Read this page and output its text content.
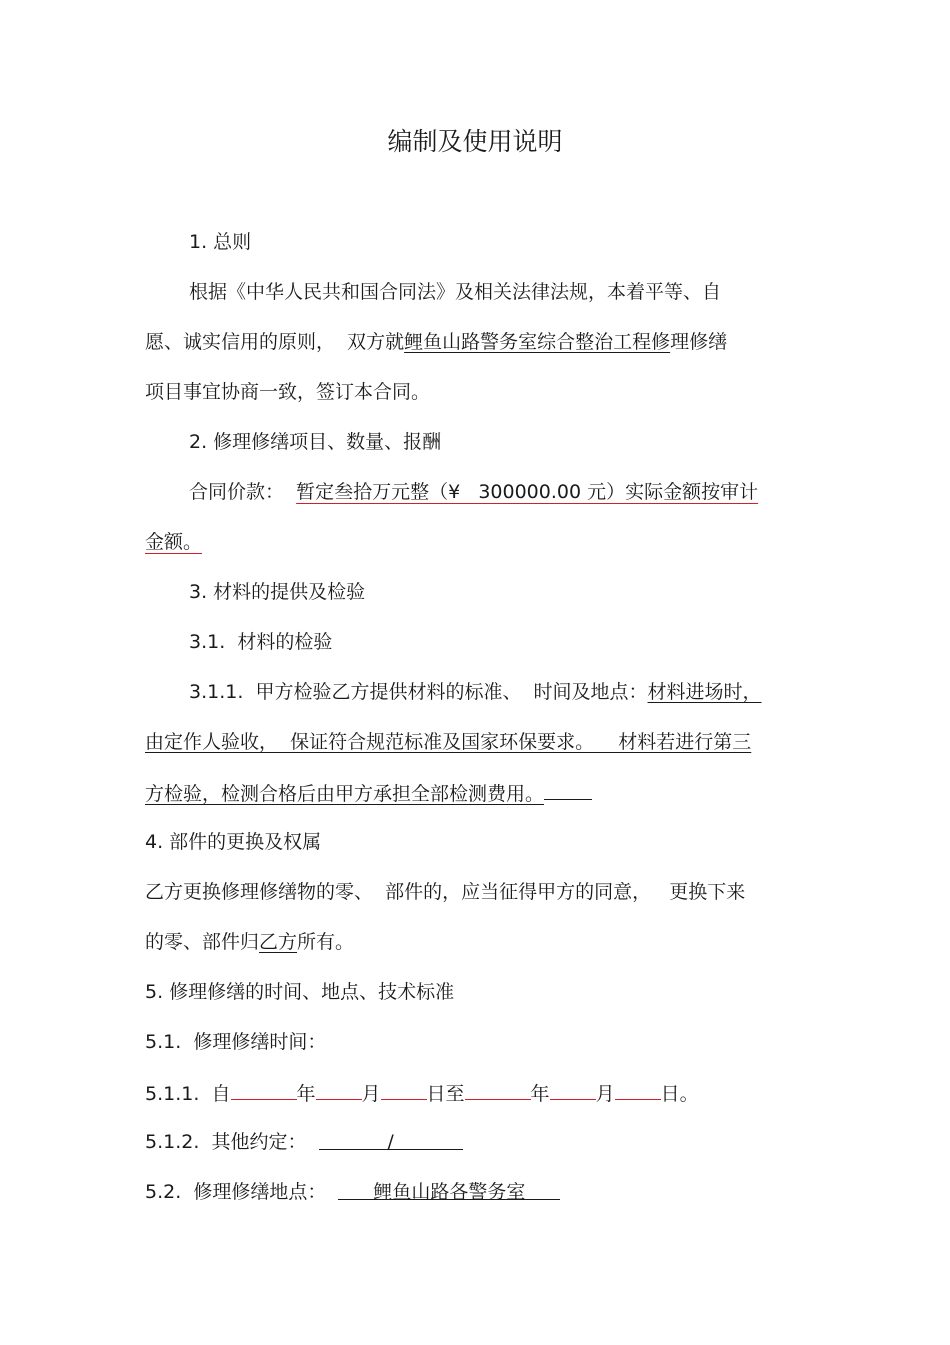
编制及使用说明

1. 总则

根据《中华人民共和国合同法》及相关法律法规，本着平等、自

愿、诚实信用的原则，  双方就鲤鱼山路警务室综合整治工程修理修缮

项目事宜协商一致，签订本合同。

2. 修理修缮项目、数量、报酬

合同价款： 暂定叁拾万元整（¥   300000.00 元）实际金额按审计

金额。

3. 材料的提供及检验

3.1.  材料的检验

3.1.1.  甲方检验乙方提供材料的标准、  时间及地点：材料进场时，

由定作人验收，  保证符合规范标准及国家环保要求。    材料若进行第三

方检验，检测合格后由甲方承担全部检测费用。

4. 部件的更换及权属

乙方更换修理修缮物的零、  部件的，应当征得甲方的同意，   更换下来

的零、部件归乙方所有。

5. 修理修缮的时间、地点、技术标准

5.1.  修理修缮时间：

5.1.1. 自	年 月 日至	年 月 日。

5.1.2. 其他约定：	/

5.2.  修理修缮地点： 鲤鱼山路各警务室
